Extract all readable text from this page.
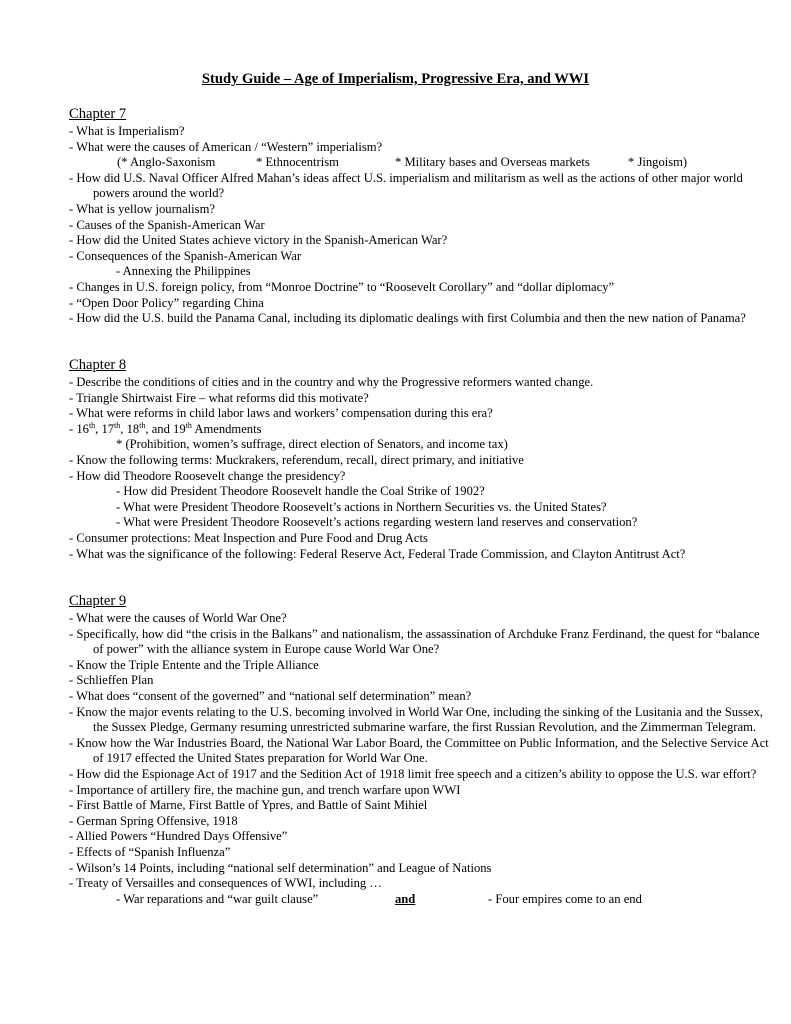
Study Guide – Age of Imperialism, Progressive Era, and WWI
Chapter 7
- What is Imperialism?
- What were the causes of American / “Western” imperialism?
(* Anglo-Saxonism	* Ethnocentrism	* Military bases and Overseas markets	* Jingoism)
- How did U.S. Naval Officer Alfred Mahan’s ideas affect U.S. imperialism and militarism as well as the actions of other major world powers around the world?
- What is yellow journalism?
- Causes of the Spanish-American War
- How did the United States achieve victory in the Spanish-American War?
- Consequences of the Spanish-American War
- Annexing the Philippines
- Changes in U.S. foreign policy, from “Monroe Doctrine” to “Roosevelt Corollary” and “dollar diplomacy”
- “Open Door Policy” regarding China
- How did the U.S. build the Panama Canal, including its diplomatic dealings with first Columbia and then the new nation of Panama?
Chapter 8
- Describe the conditions of cities and in the country and why the Progressive reformers wanted change.
- Triangle Shirtwaist Fire – what reforms did this motivate?
- What were reforms in child labor laws and workers’ compensation during this era?
- 16th, 17th, 18th, and 19th Amendments
* (Prohibition, women’s suffrage, direct election of Senators, and income tax)
- Know the following terms: Muckrakers, referendum, recall, direct primary, and initiative
- How did Theodore Roosevelt change the presidency?
- How did President Theodore Roosevelt handle the Coal Strike of 1902?
- What were President Theodore Roosevelt’s actions in Northern Securities vs. the United States?
- What were President Theodore Roosevelt’s actions regarding western land reserves and conservation?
- Consumer protections: Meat Inspection and Pure Food and Drug Acts
- What was the significance of the following: Federal Reserve Act, Federal Trade Commission, and Clayton Antitrust Act?
Chapter 9
- What were the causes of World War One?
- Specifically, how did “the crisis in the Balkans” and nationalism, the assassination of Archduke Franz Ferdinand, the quest for “balance of power” with the alliance system in Europe cause World War One?
- Know the Triple Entente and the Triple Alliance
- Schlieffen Plan
- What does “consent of the governed” and “national self determination” mean?
- Know the major events relating to the U.S. becoming involved in World War One, including the sinking of the Lusitania and the Sussex, the Sussex Pledge, Germany resuming unrestricted submarine warfare, the first Russian Revolution, and the Zimmerman Telegram.
- Know how the War Industries Board, the National War Labor Board, the Committee on Public Information, and the Selective Service Act of 1917 effected the United States preparation for World War One.
- How did the Espionage Act of 1917 and the Sedition Act of 1918 limit free speech and a citizen’s ability to oppose the U.S. war effort?
- Importance of artillery fire, the machine gun, and trench warfare upon WWI
- First Battle of Marne, First Battle of Ypres, and Battle of Saint Mihiel
- German Spring Offensive, 1918
- Allied Powers “Hundred Days Offensive”
- Effects of “Spanish Influenza”
- Wilson’s 14 Points, including “national self determination” and League of Nations
- Treaty of Versailles and consequences of WWI, including …
- War reparations and “war guilt clause”	and	- Four empires come to an end
